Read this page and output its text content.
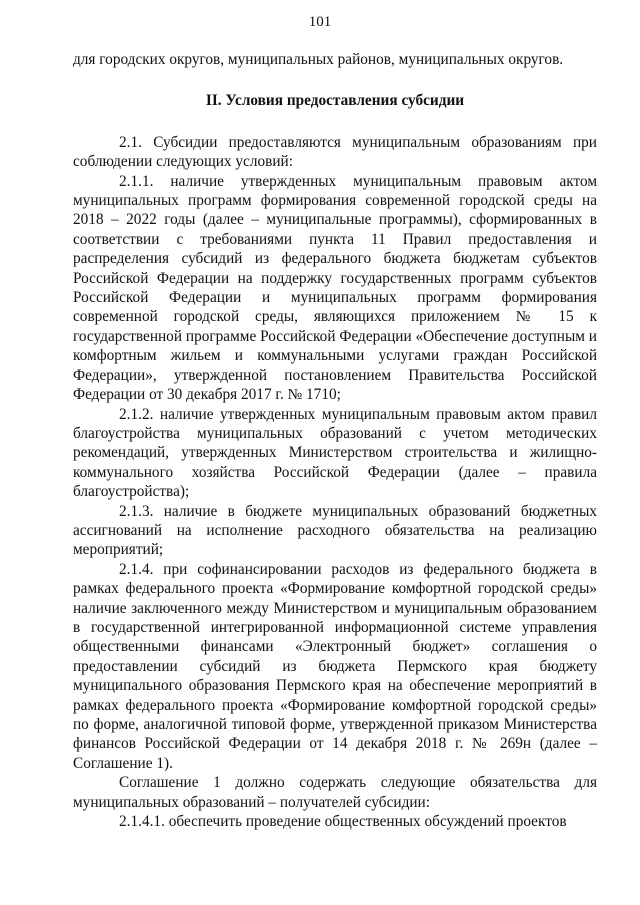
101

для городских округов, муниципальных районов, муниципальных округов.

II. Условия предоставления субсидии

2.1. Субсидии предоставляются муниципальным образованиям при соблюдении следующих условий:

2.1.1. наличие утвержденных муниципальным правовым актом муниципальных программ формирования современной городской среды на 2018 – 2022 годы (далее – муниципальные программы), сформированных в соответствии с требованиями пункта 11 Правил предоставления и распределения субсидий из федерального бюджета бюджетам субъектов Российской Федерации на поддержку государственных программ субъектов Российской Федерации и муниципальных программ формирования современной городской среды, являющихся приложением № 15 к государственной программе Российской Федерации «Обеспечение доступным и комфортным жильем и коммунальными услугами граждан Российской Федерации», утвержденной постановлением Правительства Российской Федерации от 30 декабря 2017 г. № 1710;

2.1.2. наличие утвержденных муниципальным правовым актом правил благоустройства муниципальных образований с учетом методических рекомендаций, утвержденных Министерством строительства и жилищно-коммунального хозяйства Российской Федерации (далее – правила благоустройства);

2.1.3. наличие в бюджете муниципальных образований бюджетных ассигнований на исполнение расходного обязательства на реализацию мероприятий;

2.1.4. при софинансировании расходов из федерального бюджета в рамках федерального проекта «Формирование комфортной городской среды» наличие заключенного между Министерством и муниципальным образованием в государственной интегрированной информационной системе управления общественными финансами «Электронный бюджет» соглашения о предоставлении субсидий из бюджета Пермского края бюджету муниципального образования Пермского края на обеспечение мероприятий в рамках федерального проекта «Формирование комфортной городской среды» по форме, аналогичной типовой форме, утвержденной приказом Министерства финансов Российской Федерации от 14 декабря 2018 г. № 269н (далее – Соглашение 1).

Соглашение 1 должно содержать следующие обязательства для муниципальных образований – получателей субсидии:

2.1.4.1. обеспечить проведение общественных обсуждений проектов
